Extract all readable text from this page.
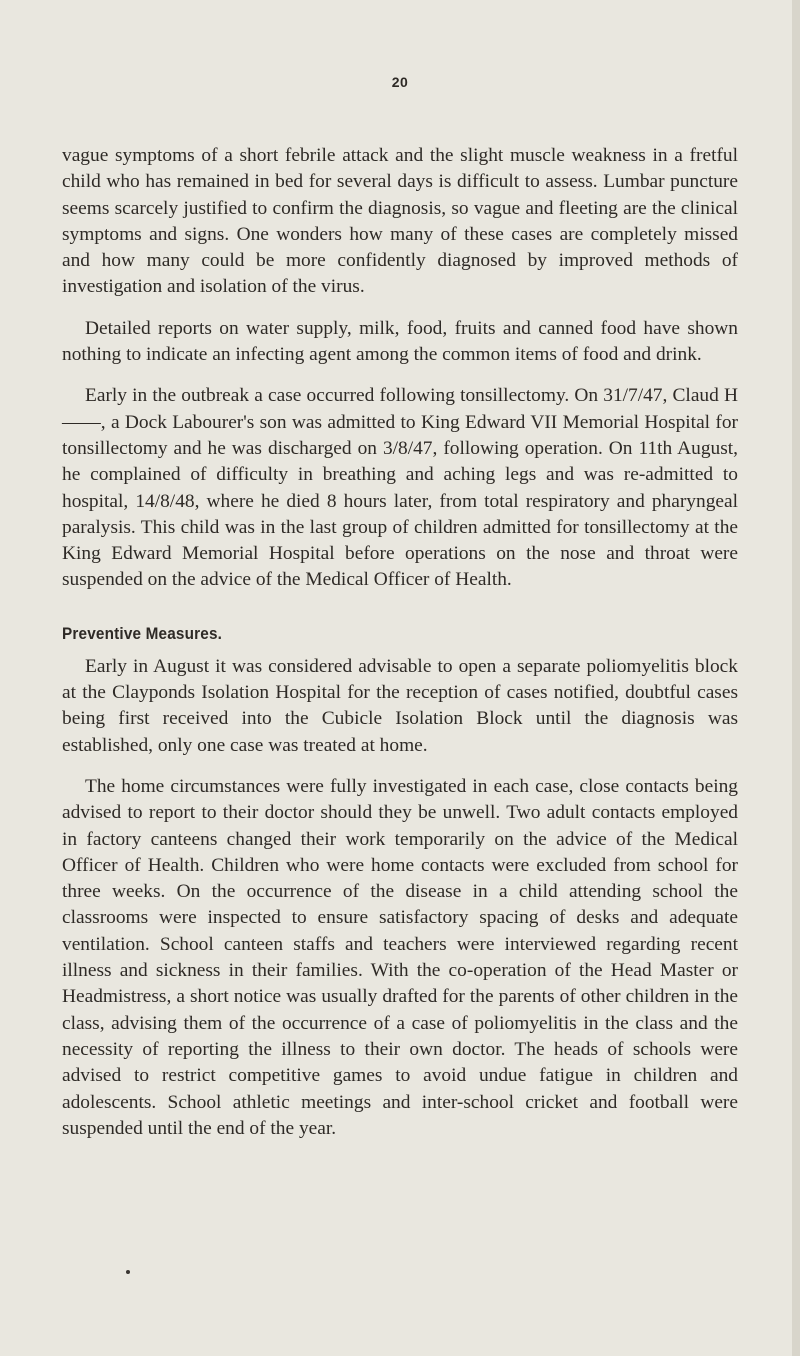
20

vague symptoms of a short febrile attack and the slight muscle weakness in a fretful child who has remained in bed for several days is difficult to assess. Lumbar puncture seems scarcely justified to confirm the diagnosis, so vague and fleeting are the clinical symptoms and signs. One wonders how many of these cases are completely missed and how many could be more confidently diagnosed by improved methods of investigation and isolation of the virus.

Detailed reports on water supply, milk, food, fruits and canned food have shown nothing to indicate an infecting agent among the common items of food and drink.

Early in the outbreak a case occurred following tonsillectomy. On 31/7/47, Claud H——, a Dock Labourer's son was admitted to King Edward VII Memorial Hospital for tonsillectomy and he was discharged on 3/8/47, following operation. On 11th August, he complained of difficulty in breathing and aching legs and was re-admitted to hospital, 14/8/48, where he died 8 hours later, from total respiratory and pharyngeal paralysis. This child was in the last group of children admitted for tonsillectomy at the King Edward Memorial Hospital before operations on the nose and throat were suspended on the advice of the Medical Officer of Health.

Preventive Measures.

Early in August it was considered advisable to open a separate poliomyelitis block at the Clayponds Isolation Hospital for the reception of cases notified, doubtful cases being first received into the Cubicle Isolation Block until the diagnosis was established, only one case was treated at home.

The home circumstances were fully investigated in each case, close contacts being advised to report to their doctor should they be unwell. Two adult contacts employed in factory canteens changed their work temporarily on the advice of the Medical Officer of Health. Children who were home contacts were excluded from school for three weeks. On the occurrence of the disease in a child attending school the classrooms were inspected to ensure satisfactory spacing of desks and adequate ventilation. School canteen staffs and teachers were interviewed regarding recent illness and sickness in their families. With the co-operation of the Head Master or Headmistress, a short notice was usually drafted for the parents of other children in the class, advising them of the occurrence of a case of poliomyelitis in the class and the necessity of reporting the illness to their own doctor. The heads of schools were advised to restrict competitive games to avoid undue fatigue in children and adolescents. School athletic meetings and inter-school cricket and football were suspended until the end of the year.
